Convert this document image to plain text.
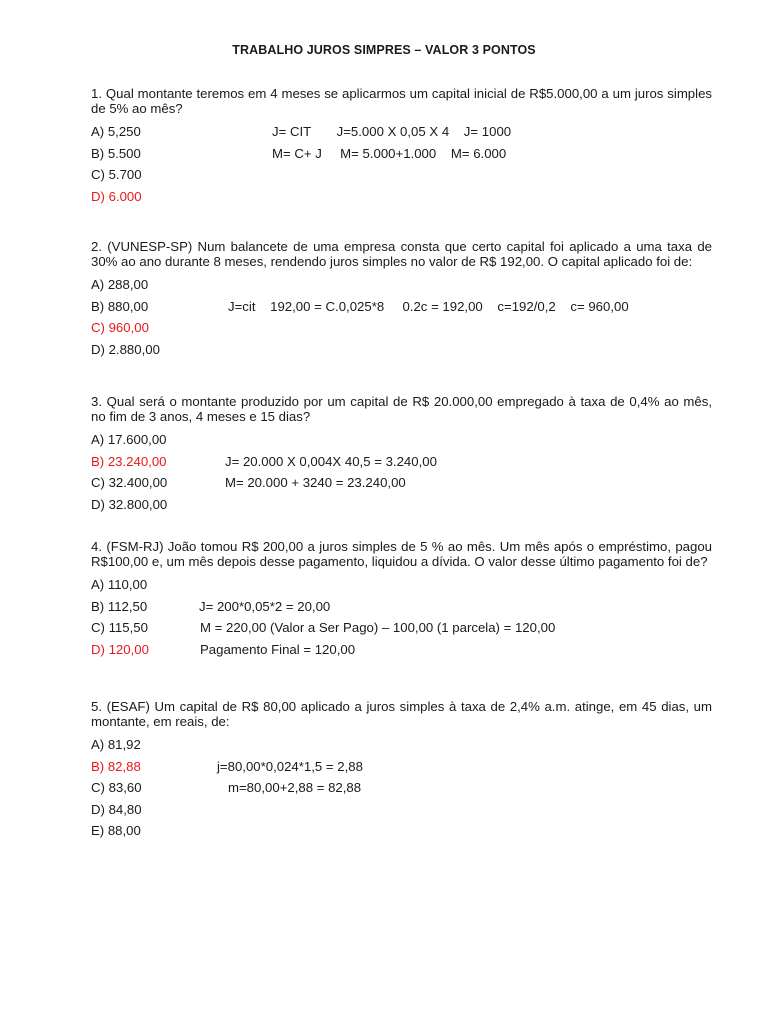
TRABALHO JUROS SIMPRES – VALOR 3 PONTOS

1. Qual montante teremos em 4 meses se aplicarmos um capital inicial de R$5.000,00 a um juros simples de 5% ao mês?

A) 5,250	J= CIT       J=5.000 X 0,05 X 4    J= 1000
B) 5.500	M= C+ J     M= 5.000+1.000    M= 6.000
C) 5.700
D) 6.000

2. (VUNESP-SP) Num balancete de uma empresa consta que certo capital foi aplicado a uma taxa de 30% ao ano durante 8 meses, rendendo juros simples no valor de R$ 192,00. O capital aplicado foi de:

A) 288,00
B) 880,00	J=cit    192,00 = C.0,025*8     0.2c = 192,00    c=192/0,2    c= 960,00
C) 960,00
D) 2.880,00

3. Qual será o montante produzido por um capital de R$ 20.000,00 empregado à taxa de 0,4% ao mês, no fim de 3 anos, 4 meses e 15 dias?

A) 17.600,00
B) 23.240,00	J= 20.000 X 0,004X 40,5 = 3.240,00
C) 32.400,00	M= 20.000 + 3240 = 23.240,00
D) 32.800,00

4. (FSM-RJ) João tomou R$ 200,00 a juros simples de 5 % ao mês. Um mês após o empréstimo, pagou R$100,00 e, um mês depois desse pagamento, liquidou a dívida. O valor desse último pagamento foi de?

A) 110,00
B) 112,50	J= 200*0,05*2 = 20,00
C) 115,50	M = 220,00 (Valor a Ser Pago) – 100,00 (1 parcela) = 120,00
D) 120,00	Pagamento Final = 120,00

5. (ESAF) Um capital de R$ 80,00 aplicado a juros simples à taxa de 2,4% a.m. atinge, em 45 dias, um montante, em reais, de:

A) 81,92
B) 82,88	j=80,00*0,024*1,5 = 2,88
C) 83,60	m=80,00+2,88 = 82,88
D) 84,80
E) 88,00
